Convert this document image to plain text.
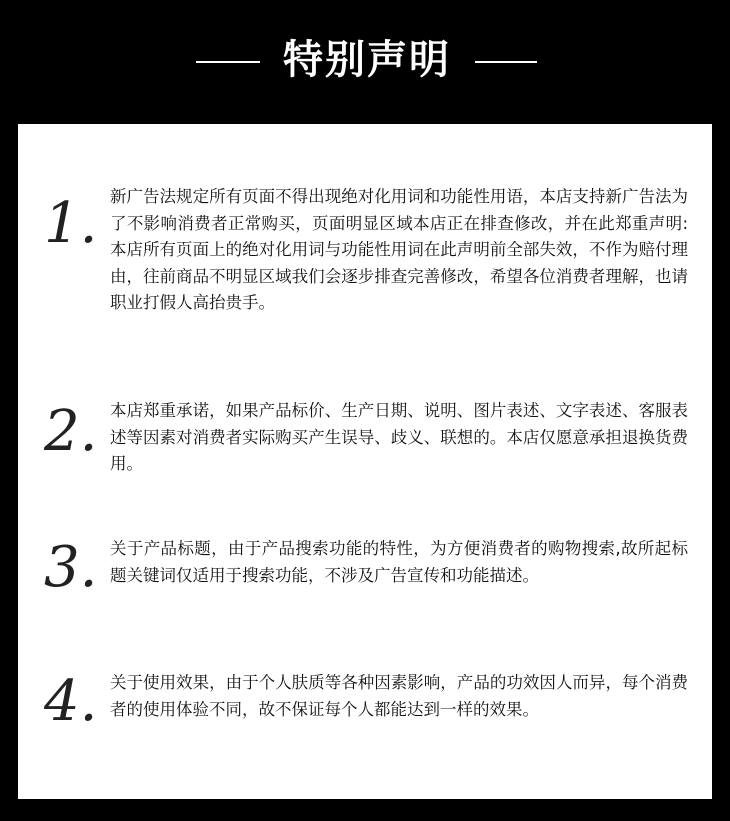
特别声明
1. 新广告法规定所有页面不得出现绝对化用词和功能性用语，本店支持新广告法为了不影响消费者正常购买，页面明显区域本店正在排查修改，并在此郑重声明:本店所有页面上的绝对化用词与功能性用词在此声明前全部失效，不作为赔付理由，往前商品不明显区域我们会逐步排查完善修改，希望各位消费者理解，也请职业打假人高抬贵手。
2. 本店郑重承诺，如果产品标价、生产日期、说明、图片表述、文字表述、客服表述等因素对消费者实际购买产生误导、歧义、联想的。本店仅愿意承担退换货费用。
3. 关于产品标题，由于产品搜索功能的特性，为方便消费者的购物搜索,故所起标题关键词仅适用于搜索功能，不涉及广告宣传和功能描述。
4. 关于使用效果，由于个人肤质等各种因素影响，产品的功效因人而异，每个消费者的使用体验不同，故不保证每个人都能达到一样的效果。
